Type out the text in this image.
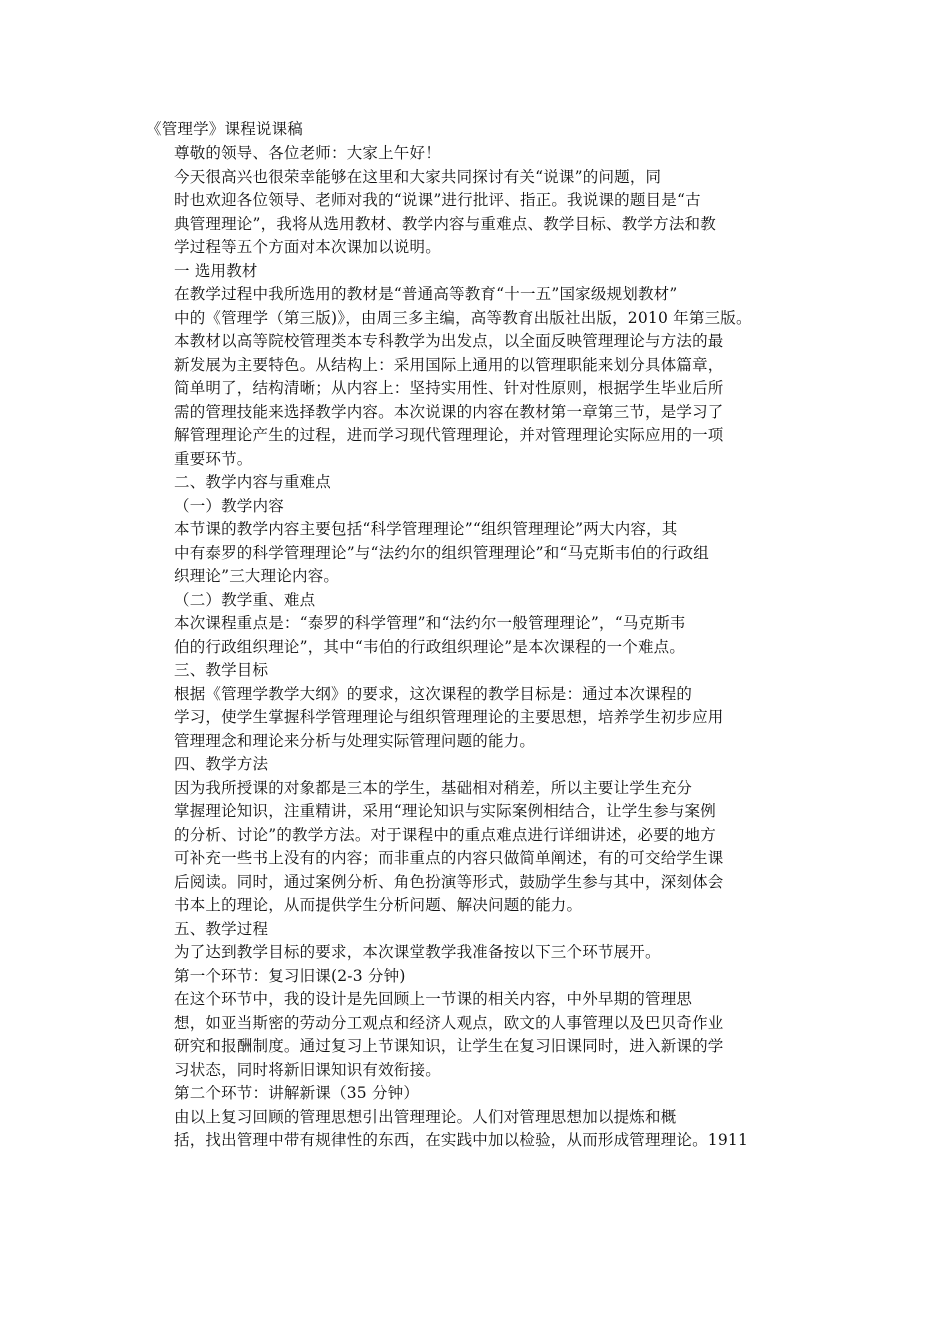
《管理学》课程说课稿
尊敬的领导、各位老师：大家上午好！
今天很高兴也很荣幸能够在这里和大家共同探讨有关“说课”的问题，同
时也欢迎各位领导、老师对我的“说课”进行批评、指正。我说课的题目是“古
典管理理论”，我将从选用教材、教学内容与重难点、教学目标、教学方法和教
学过程等五个方面对本次课加以说明。
一 选用教材
在教学过程中我所选用的教材是“普通高等教育“十一五”国家级规划教材”
中的《管理学（第三版)》，由周三多主编，高等教育出版社出版，2010 年第三版。
本教材以高等院校管理类本专科教学为出发点，以全面反映管理理论与方法的最
新发展为主要特色。从结构上：采用国际上通用的以管理职能来划分具体篇章，
简单明了，结构清晰；从内容上：坚持实用性、针对性原则，根据学生毕业后所
需的管理技能来选择教学内容。本次说课的内容在教材第一章第三节，是学习了
解管理理论产生的过程，进而学习现代管理理论，并对管理理论实际应用的一项
重要环节。
二、教学内容与重难点
（一）教学内容
本节课的教学内容主要包括“科学管理理论”“组织管理理论”两大内容，其
中有泰罗的科学管理理论”与“法约尔的组织管理理论”和“马克斯韦伯的行政组
织理论”三大理论内容。
（二）教学重、难点
本次课程重点是：“泰罗的科学管理”和“法约尔一般管理理论”，“马克斯韦
伯的行政组织理论”，其中“韦伯的行政组织理论”是本次课程的一个难点。
三、教学目标
根据《管理学教学大纲》的要求，这次课程的教学目标是：通过本次课程的
学习，使学生掌握科学管理理论与组织管理理论的主要思想，培养学生初步应用
管理理念和理论来分析与处理实际管理问题的能力。
四、教学方法
因为我所授课的对象都是三本的学生，基础相对稍差，所以主要让学生充分
掌握理论知识，注重精讲，采用“理论知识与实际案例相结合，让学生参与案例
的分析、讨论”的教学方法。对于课程中的重点难点进行详细讲述，必要的地方
可补充一些书上没有的内容；而非重点的内容只做简单阐述，有的可交给学生课
后阅读。同时，通过案例分析、角色扮演等形式，鼓励学生参与其中，深刻体会
书本上的理论，从而提供学生分析问题、解决问题的能力。
五、教学过程
为了达到教学目标的要求，本次课堂教学我准备按以下三个环节展开。
第一个环节：复习旧课(2-3 分钟)
在这个环节中，我的设计是先回顾上一节课的相关内容，中外早期的管理思
想，如亚当斯密的劳动分工观点和经济人观点，欧文的人事管理以及巴贝奇作业
研究和报酬制度。通过复习上节课知识，让学生在复习旧课同时，进入新课的学
习状态，同时将新旧课知识有效衔接。
第二个环节：讲解新课（35 分钟）
由以上复习回顾的管理思想引出管理理论。人们对管理思想加以提炼和概
括，找出管理中带有规律性的东西，在实践中加以检验，从而形成管理理论。1911
